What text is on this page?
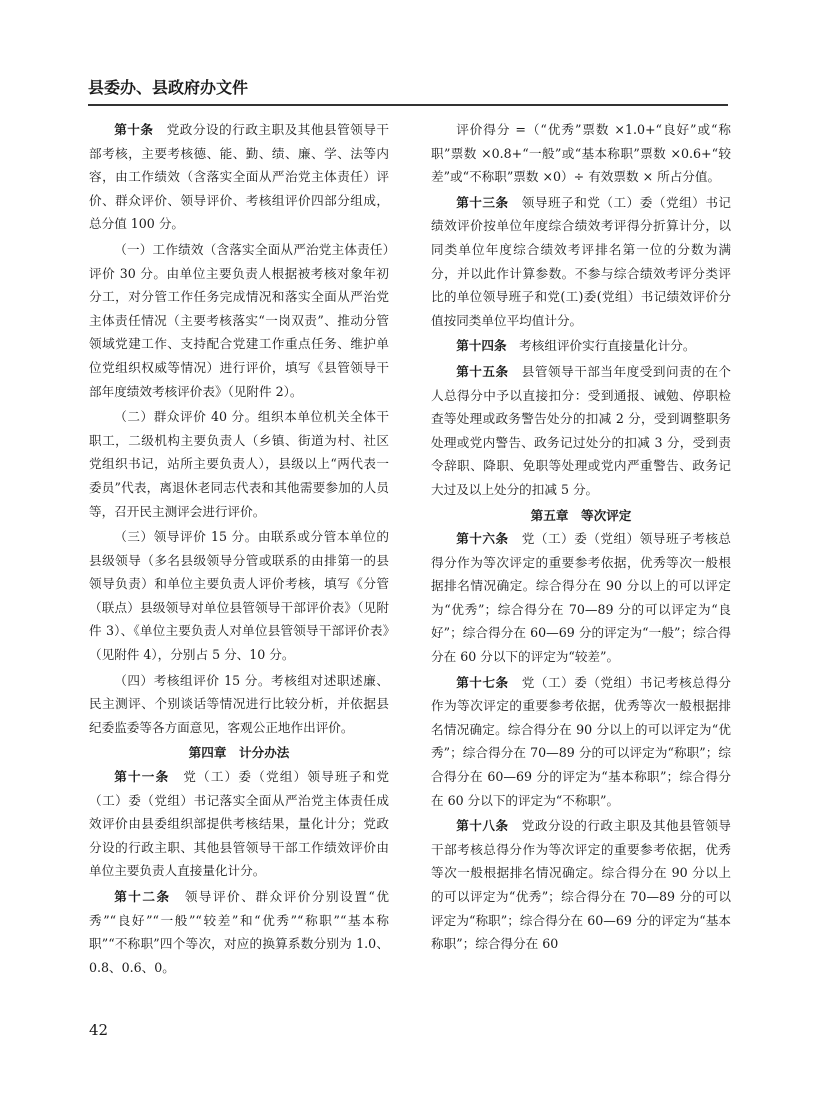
县委办、县政府办文件

第十条　 党政分设的行政主职及其他县管领导干部考核，主要考核德、能、勤、绩、廉、学、法等内容，由工作绩效（含落实全面从严治党主体责任）评价、群众评价、领导评价、考核组评价四部分组成，总分值 100 分。

（一）工作绩效（含落实全面从严治党主体责任）评价 30 分。由单位主要负责人根据被考核对象年初分工，对分管工作任务完成情况和落实全面从严治党主体责任情况（主要考核落实“一岗双责”、推动分管领域党建工作、支持配合党建工作重点任务、维护单位党组织权威等情况）进行评价，填写《县管领导干部年度绩效考核评价表》（见附件 2）。

（二）群众评价 40 分。组织本单位机关全体干职工，二级机构主要负责人（乡镇、街道为村、社区党组织书记，站所主要负责人），县级以上“两代表一委员”代表，离退休老同志代表和其他需要参加的人员等，召开民主测评会进行评价。

（三）领导评价 15 分。由联系或分管本单位的县级领导（多名县级领导分管或联系的由排第一的县领导负责）和单位主要负责人评价考核，填写《分管（联点）县级领导对单位县管领导干部评价表》（见附件 3）、《单位主要负责人对单位县管领导干部评价表》（见附件 4），分别占 5 分、10 分。

（四）考核组评价 15 分。考核组对述职述廉、民主测评、个别谈话等情况进行比较分析，并依据县纪委监委等各方面意见，客观公正地作出评价。

第四章　计分办法

第十一条　 党（工）委（党组）领导班子和党（工）委（党组）书记落实全面从严治党主体责任成效评价由县委组织部提供考核结果，量化计分；党政分设的行政主职、其他县管领导干部工作绩效评价由单位主要负责人直接量化计分。

第十二条　 领导评价、群众评价分别设置“优秀”“良好”“一般”“较差”和“优秀”“称职”“基本称职”“不称职”四个等次，对应的换算系数分别为 1.0、0.8、0.6、0。

评价得分 =（“优秀”票数 ×1.0+“良好”或“称职”票数 ×0.8+“一般”或“基本称职”票数 ×0.6+“较差”或“不称职”票数 ×0）÷ 有效票数 × 所占分值。

第十三条　 领导班子和党（工）委（党组）书记绩效评价按单位年度综合绩效考评得分折算计分，以同类单位年度综合绩效考评排名第一位的分数为满分，并以此作计算参数。不参与综合绩效考评分类评比的单位领导班子和党(工)委(党组）书记绩效评价分值按同类单位平均值计分。

第十四条　 考核组评价实行直接量化计分。

第十五条　 县管领导干部当年度受到问责的在个人总得分中予以直接扣分：受到通报、诫勉、停职检查等处理或政务警告处分的扣减 2 分，受到调整职务处理或党内警告、政务记过处分的扣减 3 分，受到责令辞职、降职、免职等处理或党内严重警告、政务记大过及以上处分的扣减 5 分。

第五章　等次评定

第十六条　 党（工）委（党组）领导班子考核总得分作为等次评定的重要参考依据，优秀等次一般根据排名情况确定。综合得分在 90 分以上的可以评定为“优秀”；综合得分在 70—89 分的可以评定为“良好”；综合得分在 60—69 分的评定为“一般”；综合得分在 60 分以下的评定为“较差”。

第十七条　 党（工）委（党组）书记考核总得分作为等次评定的重要参考依据，优秀等次一般根据排名情况确定。综合得分在 90 分以上的可以评定为“优秀”；综合得分在 70—89 分的可以评定为“称职”；综合得分在 60—69 分的评定为“基本称职”；综合得分在 60 分以下的评定为“不称职”。

第十八条　 党政分设的行政主职及其他县管领导干部考核总得分作为等次评定的重要参考依据，优秀等次一般根据排名情况确定。综合得分在 90 分以上的可以评定为“优秀”；综合得分在 70—89 分的可以评定为“称职”；综合得分在 60—69 分的评定为“基本称职”；综合得分在 60

42
